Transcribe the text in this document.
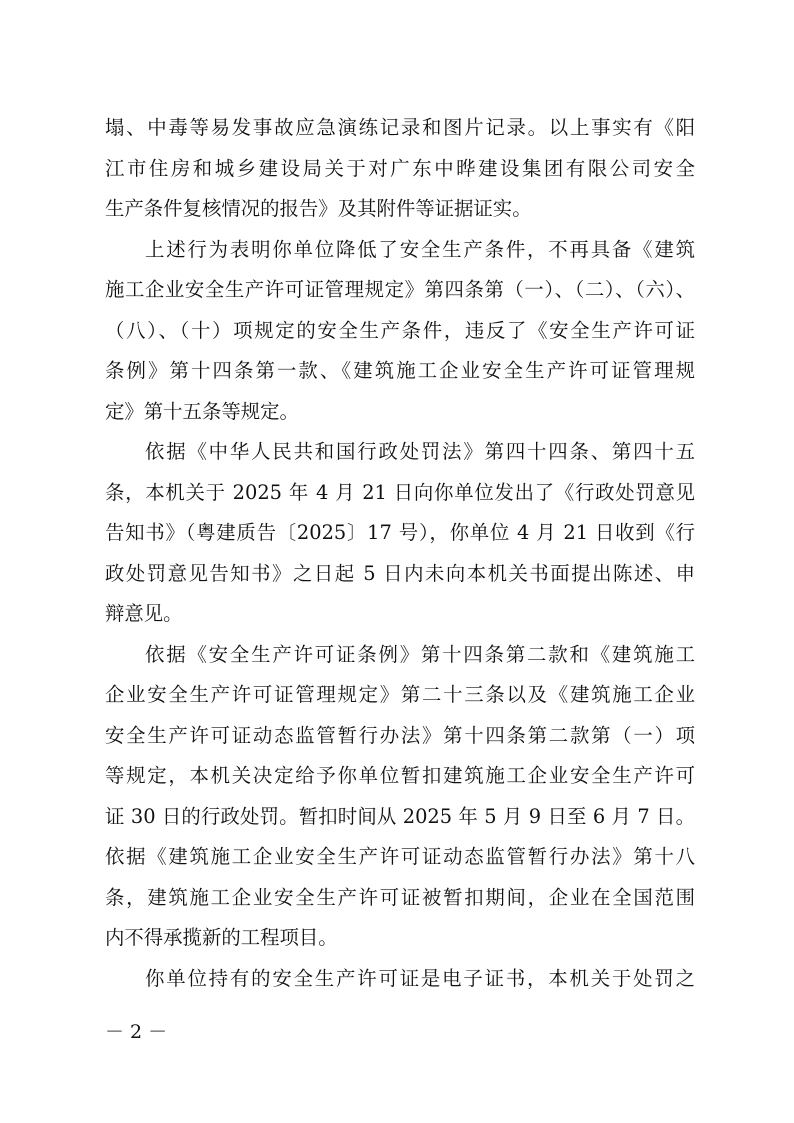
塌、中毒等易发事故应急演练记录和图片记录。以上事实有《阳
江市住房和城乡建设局关于对广东中晔建设集团有限公司安全
生产条件复核情况的报告》及其附件等证据证实。
上述行为表明你单位降低了安全生产条件，不再具备《建筑
施工企业安全生产许可证管理规定》第四条第（一）、（二）、（六）、
（八）、（十）项规定的安全生产条件，违反了《安全生产许可证
条例》第十四条第一款、《建筑施工企业安全生产许可证管理规
定》第十五条等规定。
依据《中华人民共和国行政处罚法》第四十四条、第四十五
条，本机关于 2025 年 4 月 21 日向你单位发出了《行政处罚意见
告知书》（粤建质告〔2025〕17 号），你单位 4 月 21 日收到《行
政处罚意见告知书》之日起 5 日内未向本机关书面提出陈述、申
辩意见。
依据《安全生产许可证条例》第十四条第二款和《建筑施工
企业安全生产许可证管理规定》第二十三条以及《建筑施工企业
安全生产许可证动态监管暂行办法》第十四条第二款第（一）项
等规定，本机关决定给予你单位暂扣建筑施工企业安全生产许可
证 30 日的行政处罚。暂扣时间从 2025 年 5 月 9 日至 6 月 7 日。
依据《建筑施工企业安全生产许可证动态监管暂行办法》第十八
条，建筑施工企业安全生产许可证被暂扣期间，企业在全国范围
内不得承揽新的工程项目。
你单位持有的安全生产许可证是电子证书，本机关于处罚之
－ 2 －
